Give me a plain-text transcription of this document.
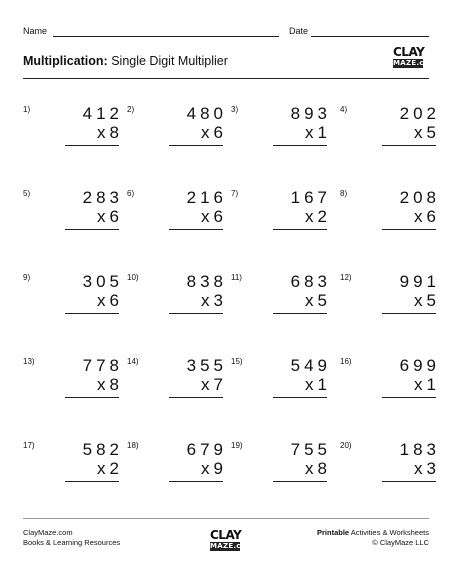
Name	Date
Multiplication: Single Digit Multiplier
CLAY
MAZE.com
1)	412
x8
2)	480
x6
3)	893
x1
4)	202
x5
5)	283
x6
6)	216
x6
7)	167
x2
8)	208
x6
9)	305
x6
10)	838
x3
11)	683
x5
12)	991
x5
13)	778
x8
14)	355
x7
15)	549
x1
16)	699
x1
17)	582
x2
18)	679
x9
19)	755
x8
20)	183
x3
ClayMaze.com
Books & Learning Resources
CLAY
MAZE.com
Printable Activities & Worksheets
© ClayMaze LLC
